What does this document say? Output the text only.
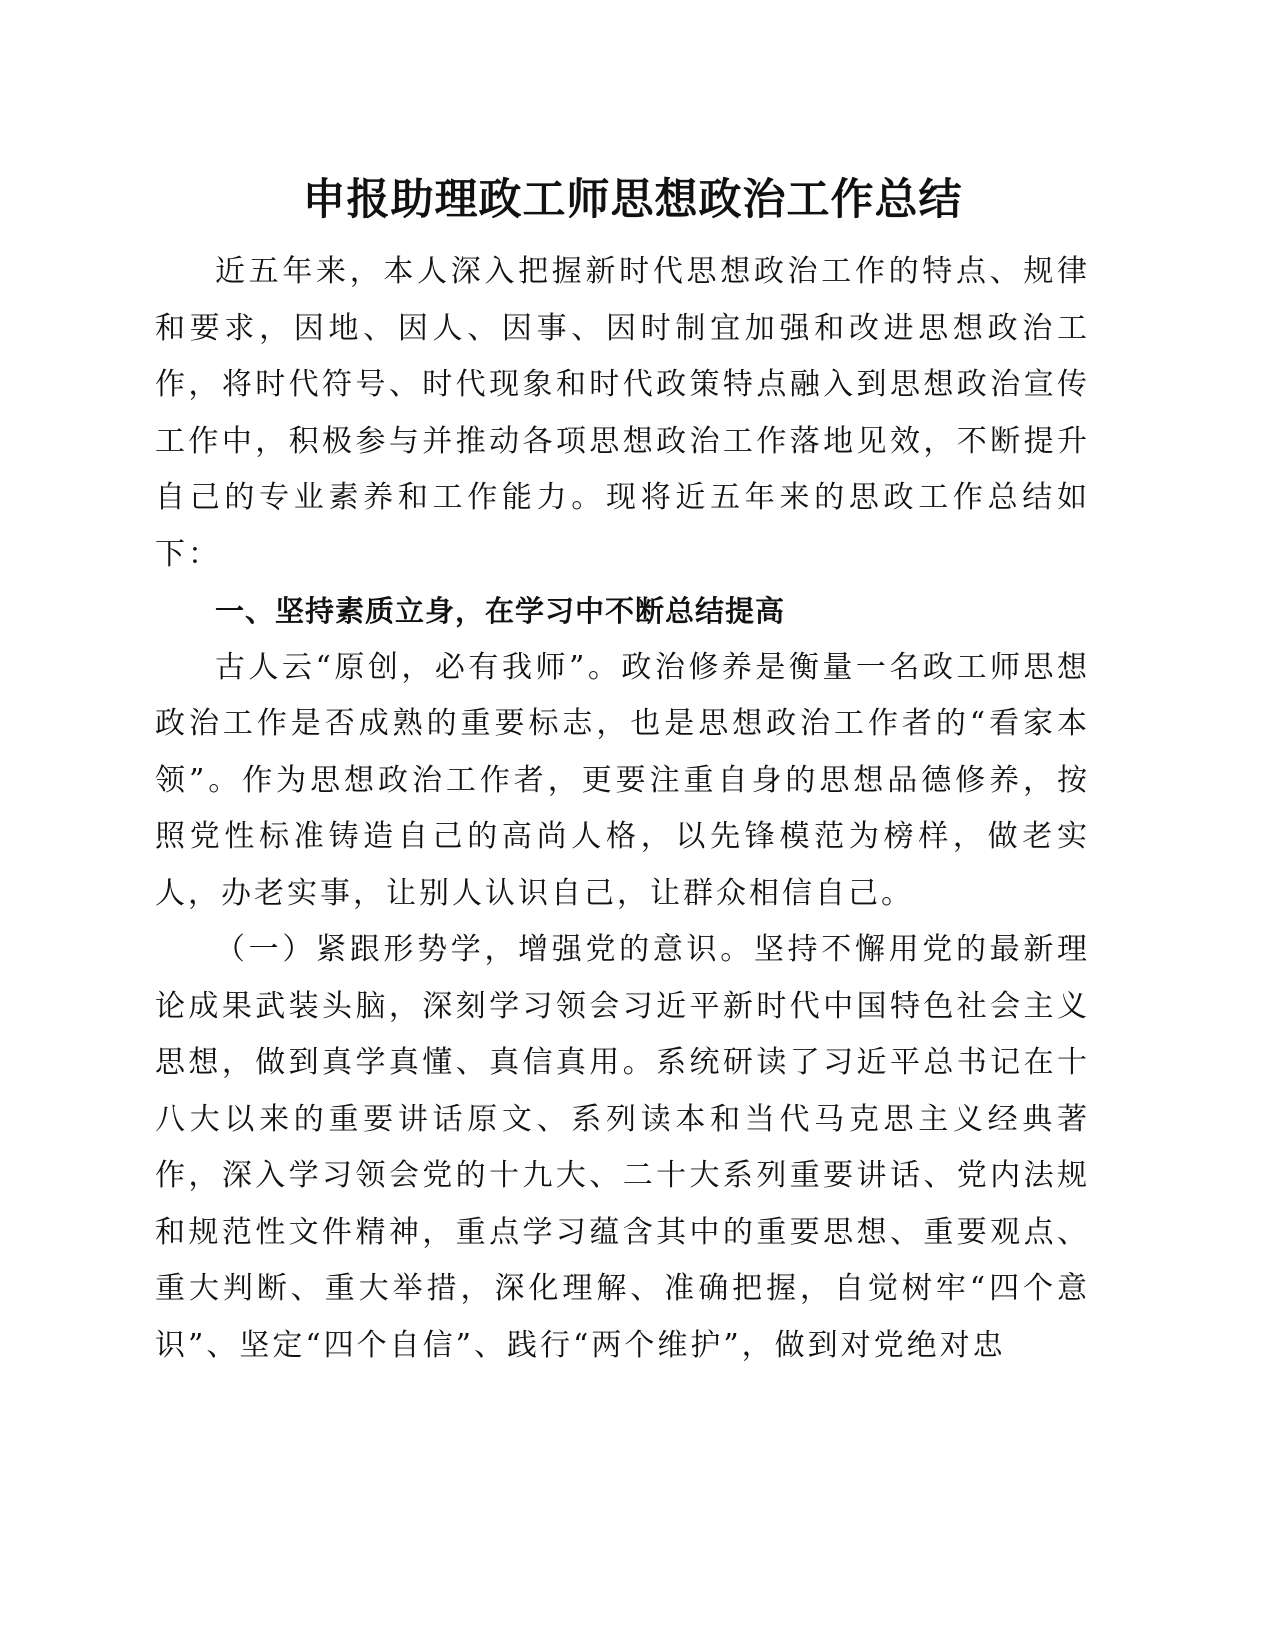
申报助理政工师思想政治工作总结

近五年来，本人深入把握新时代思想政治工作的特点、规律和要求，因地、因人、因事、因时制宜加强和改进思想政治工作，将时代符号、时代现象和时代政策特点融入到思想政治宣传工作中，积极参与并推动各项思想政治工作落地见效，不断提升自己的专业素养和工作能力。现将近五年来的思政工作总结如下：

一、坚持素质立身，在学习中不断总结提高

古人云“原创，必有我师”。政治修养是衡量一名政工师思想政治工作是否成熟的重要标志，也是思想政治工作者的“看家本领”。作为思想政治工作者，更要注重自身的思想品德修养，按照党性标准铸造自己的高尚人格，以先锋模范为榜样，做老实人，办老实事，让别人认识自己，让群众相信自己。

（一）紧跟形势学，增强党的意识。坚持不懈用党的最新理论成果武装头脑，深刻学习领会习近平新时代中国特色社会主义思想，做到真学真懂、真信真用。系统研读了习近平总书记在十八大以来的重要讲话原文、系列读本和当代马克思主义经典著作，深入学习领会党的十九大、二十大系列重要讲话、党内法规和规范性文件精神，重点学习蕴含其中的重要思想、重要观点、重大判断、重大举措，深化理解、准确把握，自觉树牢“四个意识”、坚定“四个自信”、践行“两个维护”，做到对党绝对忠
